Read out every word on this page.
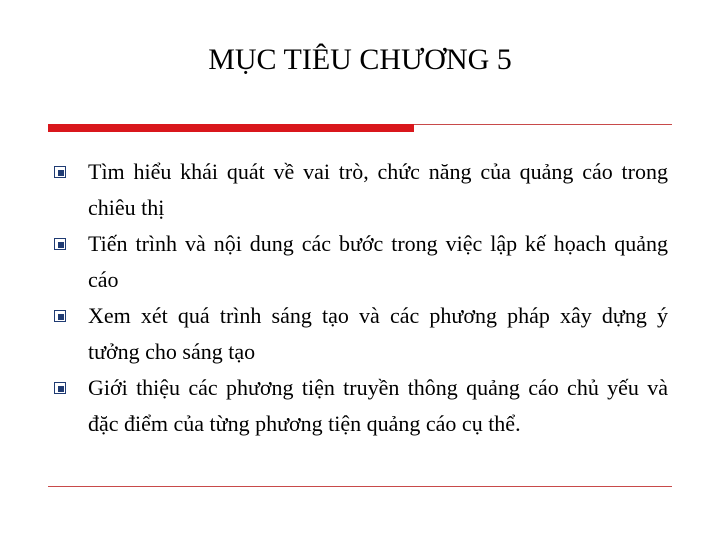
MỤC TIÊU CHƯƠNG 5
Tìm hiểu khái quát về vai trò, chức năng của quảng cáo trong chiêu thị
Tiến trình và nội dung các bước trong việc lập kế họach quảng cáo
Xem xét quá trình sáng tạo và các phương pháp xây dựng ý tưởng cho sáng tạo
Giới thiệu các phương tiện truyền thông quảng cáo chủ yếu và đặc điểm của từng phương tiện quảng cáo cụ thể.
